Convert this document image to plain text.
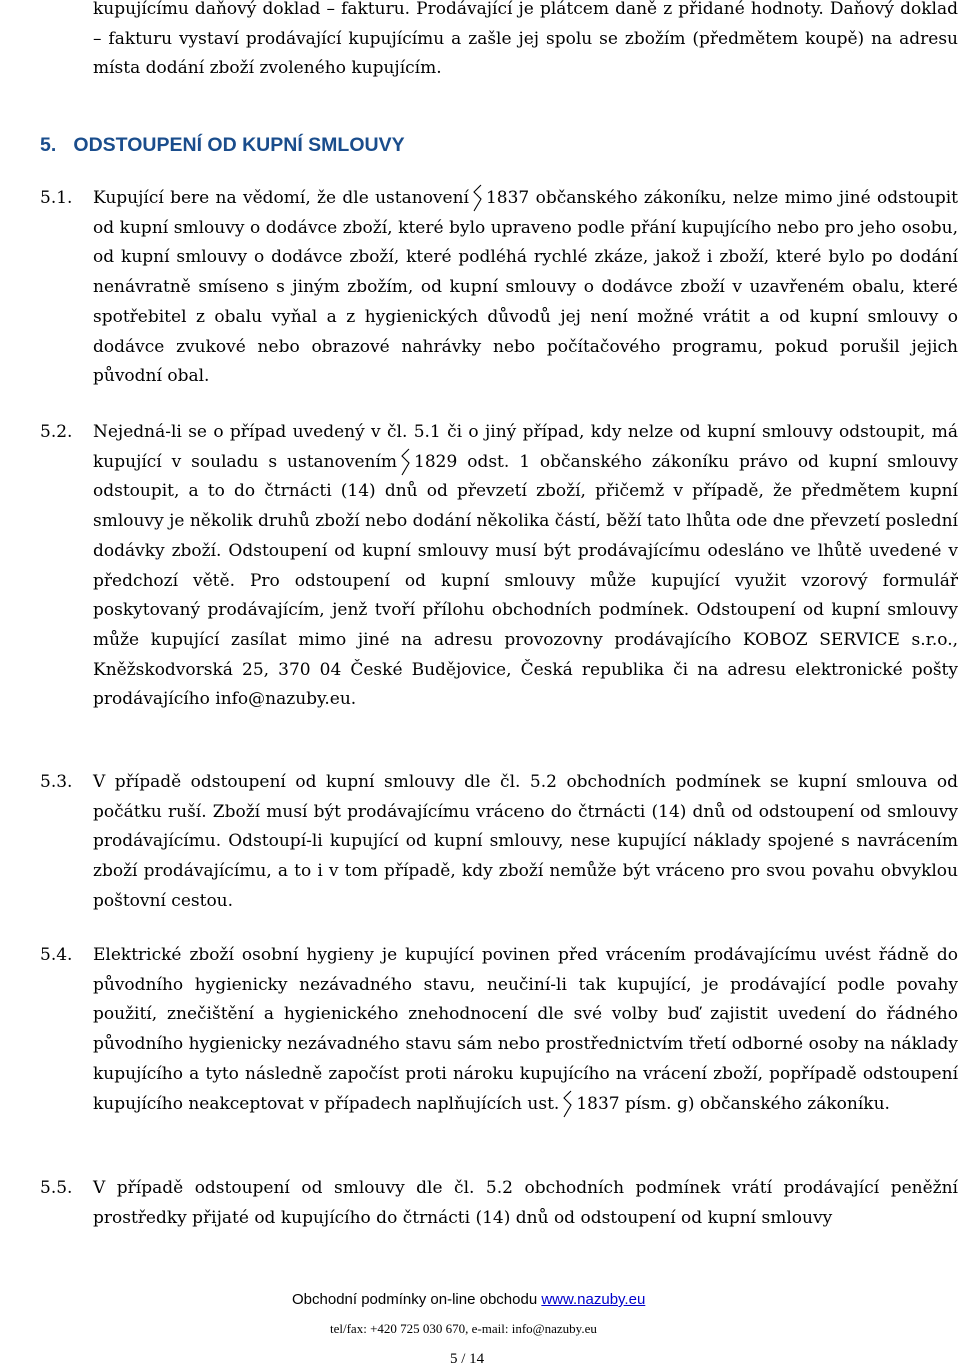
kupujícímu daňový doklad – fakturu. Prodávající je plátcem daně z přidané hodnoty. Daňový doklad – fakturu vystaví prodávající kupujícímu a zašle jej spolu se zbožím (předmětem koupě) na adresu místa dodání zboží zvoleného kupujícím.
5. ODSTOUPENÍ OD KUPNÍ SMLOUVY
5.1.	Kupující bere na vědomí, že dle ustanovení 1837 občanského zákoníku, nelze mimo jiné odstoupit od kupní smlouvy o dodávce zboží, které bylo upraveno podle přání kupujícího nebo pro jeho osobu, od kupní smlouvy o dodávce zboží, které podléhá rychlé zkáze, jakož i zboží, které bylo po dodání nenávratně smíseno s jiným zbožím, od kupní smlouvy o dodávce zboží v uzavřeném obalu, které spotřebitel z obalu vyňal a z hygienických důvodů jej není možné vrátit a od kupní smlouvy o dodávce zvukové nebo obrazové nahrávky nebo počítačového programu, pokud porušil jejich původní obal.
5.2.	Nejedná-li se o případ uvedený v čl. 5.1 či o jiný případ, kdy nelze od kupní smlouvy odstoupit, má kupující v souladu s ustanovením 1829 odst. 1 občanského zákoníku právo od kupní smlouvy odstoupit, a to do čtrnácti (14) dnů od převzetí zboží, přičemž v případě, že předmětem kupní smlouvy je několik druhů zboží nebo dodání několika částí, běží tato lhůta ode dne převzetí poslední dodávky zboží. Odstoupení od kupní smlouvy musí být prodávajícímu odesláno ve lhůtě uvedené v předchozí větě. Pro odstoupení od kupní smlouvy může kupující využit vzorový formulář poskytovaný prodávajícím, jenž tvoří přílohu obchodních podmínek. Odstoupení od kupní smlouvy může kupující zasílat mimo jiné na adresu provozovny prodávajícího KOBOZ SERVICE s.r.o., Kněžskodvorská 25, 370 04 České Budějovice, Česká republika či na adresu elektronické pošty prodávajícího info@nazuby.eu.
5.3.	V případě odstoupení od kupní smlouvy dle čl. 5.2 obchodních podmínek se kupní smlouva od počátku ruší. Zboží musí být prodávajícímu vráceno do čtrnácti (14) dnů od odstoupení od smlouvy prodávajícímu. Odstoupí-li kupující od kupní smlouvy, nese kupující náklady spojené s navrácením zboží prodávajícímu, a to i v tom případě, kdy zboží nemůže být vráceno pro svou povahu obvyklou poštovní cestou.
5.4.	Elektrické zboží osobní hygieny je kupující povinen před vrácením prodávajícímu uvést řádně do původního hygienicky nezávadného stavu, neučiní-li tak kupující, je prodávající podle povahy použití, znečištění a hygienického znehodnocení dle své volby buď zajistit uvedení do řádného původního hygienicky nezávadného stavu sám nebo prostřednictvím třetí odborné osoby na náklady kupujícího a tyto následně započíst proti nároku kupujícího na vrácení zboží, popřípadě odstoupení kupujícího neakceptovat v případech naplňujících ust. 1837 písm. g) občanského zákoníku.
5.5.	V případě odstoupení od smlouvy dle čl. 5.2 obchodních podmínek vrátí prodávající peněžní prostředky přijaté od kupujícího do čtrnácti (14) dnů od odstoupení od kupní smlouvy
Obchodní podmínky on-line obchodu www.nazuby.eu
tel/fax: +420 725 030 670, e-mail: info@nazuby.eu
5 / 14
